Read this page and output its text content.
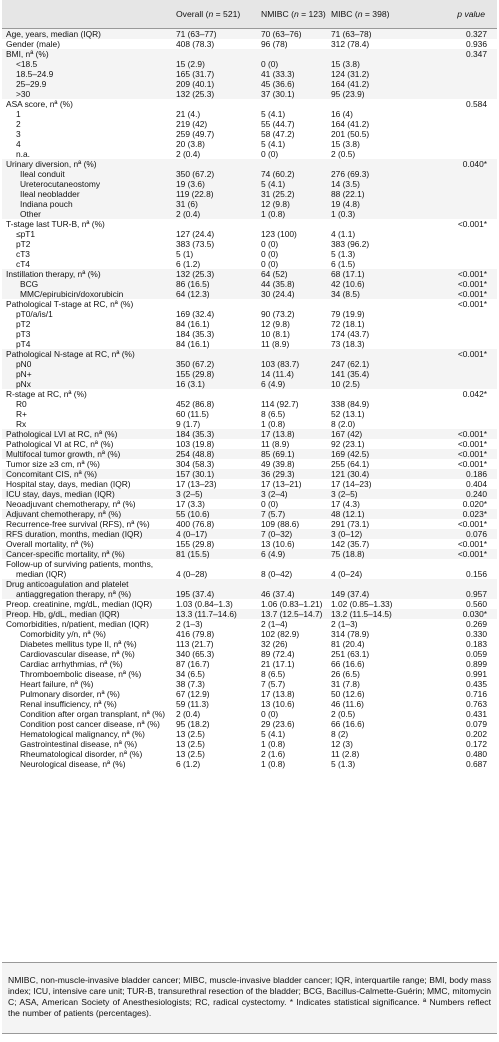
	Overall (n = 521)	NMIBC (n = 123)	MIBC (n = 398)	p value
Age, years, median (IQR)	71 (63–77)	70 (63–76)	71 (63–78)	0.327
Gender (male)	408 (78.3)	96 (78)	312 (78.4)	0.936
BMI, nª (%)				0.347
<18.5	15 (2.9)	0 (0)	15 (3.8)	
18.5–24.9	165 (31.7)	41 (33.3)	124 (31.2)	
25–29.9	209 (40.1)	45 (36.6)	164 (41.2)	
>30	132 (25.3)	37 (30.1)	95 (23.9)	
ASA score, nª (%)				0.584
1	21 (4.)	5 (4.1)	16 (4)	
2	219 (42)	55 (44.7)	164 (41.2)	
3	259 (49.7)	58 (47.2)	201 (50.5)	
4	20 (3.8)	5 (4.1)	15 (3.8)	
n.a.	2 (0.4)	0 (0)	2 (0.5)	
Urinary diversion, nª (%)				0.040*
Ileal conduit	350 (67.2)	74 (60.2)	276 (69.3)	
Ureterocutaneostomy	19 (3.6)	5 (4.1)	14 (3.5)	
Ileal neobladder	119 (22.8)	31 (25.2)	88 (22.1)	
Indiana pouch	31 (6)	12 (9.8)	19 (4.8)	
Other	2 (0.4)	1 (0.8)	1 (0.3)	
T-stage last TUR-B, nª (%)				<0.001*
≤pT1	127 (24.4)	123 (100)	4 (1.1)	
pT2	383 (73.5)	0 (0)	383 (96.2)	
cT3	5 (1)	0 (0)	5 (1.3)	
cT4	6 (1.2)	0 (0)	6 (1.5)	
Instillation therapy, nª (%)	132 (25.3)	64 (52)	68 (17.1)	<0.001*
BCG	86 (16.5)	44 (35.8)	42 (10.6)	<0.001*
MMC/epirubicin/doxorubicin	64 (12.3)	30 (24.4)	34 (8.5)	<0.001*
Pathological T-stage at RC, nª (%)				<0.001*
pT0/a/is/1	169 (32.4)	90 (73.2)	79 (19.9)	
pT2	84 (16.1)	12 (9.8)	72 (18.1)	
pT3	184 (35.3)	10 (8.1)	174 (43.7)	
pT4	84 (16.1)	11 (8.9)	73 (18.3)	
Pathological N-stage at RC, nª (%)				<0.001*
pN0	350 (67.2)	103 (83.7)	247 (62.1)	
pN+	155 (29.8)	14 (11.4)	141 (35.4)	
pNx	16 (3.1)	6 (4.9)	10 (2.5)	
R-stage at RC, nª (%)				0.042*
R0	452 (86.8)	114 (92.7)	338 (84.9)	
R+	60 (11.5)	8 (6.5)	52 (13.1)	
Rx	9 (1.7)	1 (0.8)	8 (2.0)	
Pathological LVI at RC, nª (%)	184 (35.3)	17 (13.8)	167 (42)	<0.001*
Pathological VI at RC, nª (%)	103 (19.8)	11 (8.9)	92 (23.1)	<0.001*
Multifocal tumor growth, nª (%)	254 (48.8)	85 (69.1)	169 (42.5)	<0.001*
Tumor size ≥3 cm, nª (%)	304 (58.3)	49 (39.8)	255 (64.1)	<0.001*
Concomitant CIS, nª (%)	157 (30.1)	36 (29.3)	121 (30.4)	0.186
Hospital stay, days, median (IQR)	17 (13–23)	17 (13–21)	17 (14–23)	0.404
ICU stay, days, median (IQR)	3 (2–5)	3 (2–4)	3 (2–5)	0.240
Neoadjuvant chemotherapy, nª (%)	17 (3.3)	0 (0)	17 (4.3)	0.020*
Adjuvant chemotherapy, nª (%)	55 (10.6)	7 (5.7)	48 (12.1)	0.023*
Recurrence-free survival (RFS), nª (%)	400 (76.8)	109 (88.6)	291 (73.1)	<0.001*
RFS duration, months, median (IQR)	4 (0–17)	7 (0–32)	3 (0–12)	0.076
Overall mortality, nª (%)	155 (29.8)	13 (10.6)	142 (35.7)	<0.001*
Cancer-specific mortality, nª (%)	81 (15.5)	6 (4.9)	75 (18.8)	<0.001*

Follow-up of surviving patients, months,
median (IQR)	4 (0–28)	8 (0–42)	4 (0–24)	0.156

Drug anticoagulation and platelet
antiaggregation therapy, nª (%)	195 (37.4)	46 (37.4)	149 (37.4)	0.957
Preop. creatinine, mg/dL, median (IQR)	1.03 (0.84–1.3)	1.06 (0.83–1.21)	1.02 (0.85–1.33)	0.560
Preop. Hb, g/dL, median (IQR)	13.3 (11.7–14.6)	13.7 (12.5–14.7)	13.2 (11.5–14.5)	0.030*
Comorbidities, n/patient, median (IQR)	2 (1–3)	2 (1–4)	2 (1–3)	0.269
Comorbidity y/n, nª (%)	416 (79.8)	102 (82.9)	314 (78.9)	0.330
Diabetes mellitus type II, nª (%)	113 (21.7)	32 (26)	81 (20.4)	0.183
Cardiovascular disease, nª (%)	340 (65.3)	89 (72.4)	251 (63.1)	0.059
Cardiac arrhythmias, nª (%)	87 (16.7)	21 (17.1)	66 (16.6)	0.899
Thromboembolic disease, nª (%)	34 (6.5)	8 (6.5)	26 (6.5)	0.991
Heart failure, nª (%)	38 (7.3)	7 (5.7)	31 (7.8)	0.435
Pulmonary disorder, nª (%)	67 (12.9)	17 (13.8)	50 (12.6)	0.716
Renal insufficiency, nª (%)	59 (11.3)	13 (10.6)	46 (11.6)	0.763
Condition after organ transplant, nª (%)	2 (0.4)	0 (0)	2 (0.5)	0.431
Condition post cancer disease, nª (%)	95 (18.2)	29 (23.6)	66 (16.6)	0.079
Hematological malignancy, nª (%)	13 (2.5)	5 (4.1)	8 (2)	0.202
Gastrointestinal disease, nª (%)	13 (2.5)	1 (0.8)	12 (3)	0.172
Rheumatological disorder, nª (%)	13 (2.5)	2 (1.6)	11 (2.8)	0.480
Neurological disease, nª (%)	6 (1.2)	1 (0.8)	5 (1.3)	0.687
NMIBC, non-muscle-invasive bladder cancer; MIBC, muscle-invasive bladder cancer; IQR, interquartile range; BMI, body mass index; ICU, intensive care unit; TUR-B, transurethral resection of the bladder; BCG, Bacillus-Calmette-Guérin; MMC, mitomycin C; ASA, American Society of Anesthesiologists; RC, radical cystectomy. * Indicates statistical significance. ª Numbers reflect the number of patients (percentages).
